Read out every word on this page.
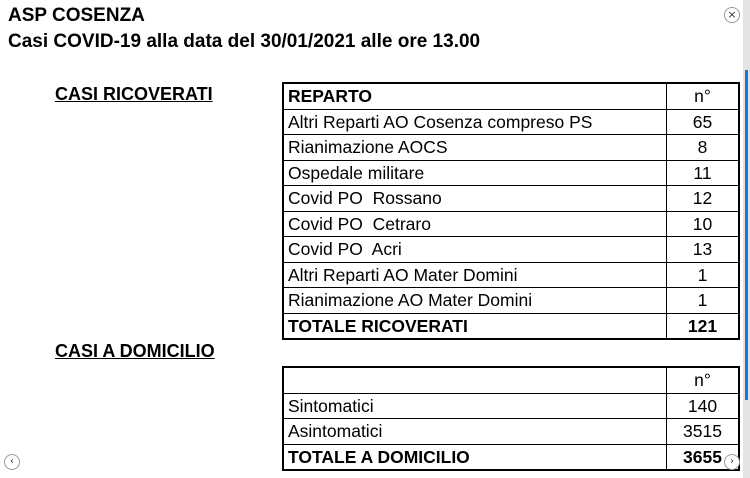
ASP COSENZA
Casi COVID-19 alla data del 30/01/2021 alle ore 13.00
×
CASI RICOVERATI	REPARTO	n°
Altri Reparti AO Cosenza compreso PS	65
Rianimazione AOCS	8
Ospedale militare	11
Covid PO  Rossano	12
Covid PO  Cetraro	10
Covid PO  Acri	13
Altri Reparti AO Mater Domini	1
Rianimazione AO Mater Domini	1
TOTALE RICOVERATI	121
CASI A DOMICILIO
	n°
Sintomatici	140
Asintomatici	3515
TOTALE A DOMICILIO	3655
‹	›
